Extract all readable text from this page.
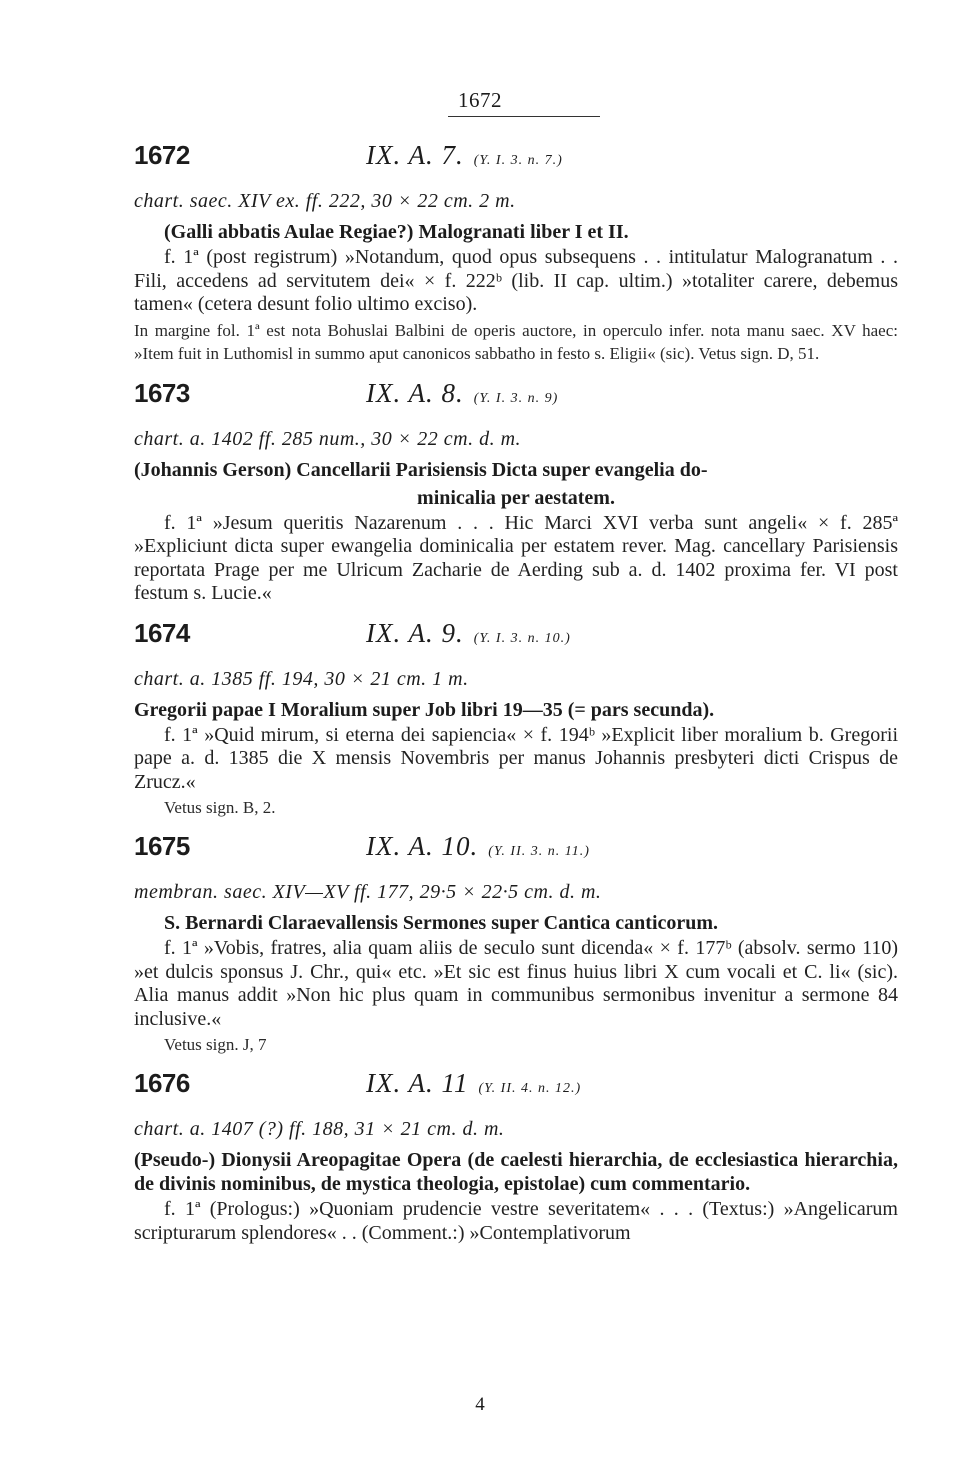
1672
1672	IX. A. 7. (Y. I. 3. n. 7.)
chart. saec. XIV ex. ff. 222, 30 × 22 cm. 2 m.
(Galli abbatis Aulae Regiae?) Malogranati liber I et II.
f. 1ª (post registrum) »Notandum, quod opus subsequens . . intitulatur Malogranatum . . Fili, accedens ad servitutem dei« × f. 222ᵇ (lib. II cap. ultim.) »totaliter carere, debemus tamen« (cetera desunt folio ultimo exciso).
In margine fol. 1ª est nota Bohuslai Balbini de operis auctore, in operculo infer. nota manu saec. XV haec: »Item fuit in Luthomisl in summo aput canonicos sabbatho in festo s. Eligii« (sic). Vetus sign. D, 51.
1673	IX. A. 8. (Y. I. 3. n. 9)
chart. a. 1402 ff. 285 num., 30 × 22 cm. d. m.
(Johannis Gerson) Cancellarii Parisiensis Dicta super evangelia do-
minicalia per aestatem.
f. 1ª »Jesum queritis Nazarenum . . . Hic Marci XVI verba sunt angeli« × f. 285ª »Expliciunt dicta super ewangelia dominicalia per estatem rever. Mag. cancellary Parisiensis reportata Prage per me Ulricum Zacharie de Aerding sub a. d. 1402 proxima fer. VI post festum s. Lucie.«
1674	IX. A. 9. (Y. I. 3. n. 10.)
chart. a. 1385 ff. 194, 30 × 21 cm. 1 m.
Gregorii papae I Moralium super Job libri 19—35 (= pars secunda).
f. 1ª »Quid mirum, si eterna dei sapiencia« × f. 194ᵇ »Explicit liber moralium b. Gregorii pape a. d. 1385 die X mensis Novembris per manus Johannis presbyteri dicti Crispus de Zrucz.«
Vetus sign. B, 2.
1675	IX. A. 10. (Y. II. 3. n. 11.)
membran. saec. XIV—XV ff. 177, 29·5 × 22·5 cm. d. m.
S. Bernardi Claraevallensis Sermones super Cantica canticorum.
f. 1ª »Vobis, fratres, alia quam aliis de seculo sunt dicenda« × f. 177ᵇ (absolv. sermo 110) »et dulcis sponsus J. Chr., qui« etc. »Et sic est finus huius libri X cum vocali et C. li« (sic). Alia manus addit »Non hic plus quam in communibus sermonibus invenitur a sermone 84 inclusive.«
Vetus sign. J, 7
1676	IX. A. 11 (Y. II. 4. n. 12.)
chart. a. 1407 (?) ff. 188, 31 × 21 cm. d. m.
(Pseudo-) Dionysii Areopagitae Opera (de caelesti hierarchia, de ecclesiastica hierarchia, de divinis nominibus, de mystica theologia, epistolae) cum commentario.
f. 1ª (Prologus:) »Quoniam prudencie vestre severitatem« . . . (Textus:) »Angelicarum scripturarum splendores« . . (Comment.:) »Contemplativorum
4
